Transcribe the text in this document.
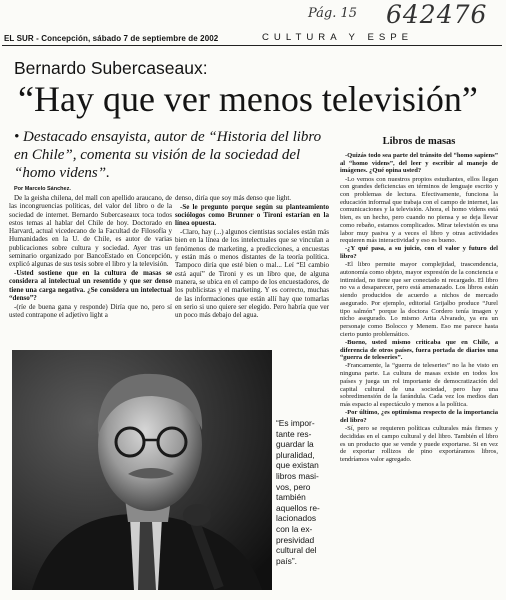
Pág. 15 642476
EL SUR - Concepción, sábado 7 de septiembre de 2002	CULTURA Y ESPE
Bernardo Subercaseaux:
“Hay que ver menos televisión”
• Destacado ensayista, autor de “Historia del libro en Chile”, comenta su visión de la sociedad del “homo videns”.
Por Marcelo Sánchez.

De la geisha chilena, del mall con apellido araucano, de las incongruencias políticas, del valor del libro o de la sociedad de internet. Bernardo Subercaseaux toca todos estos temas al hablar del Chile de hoy. Doctorado en Harvard, actual vicedecano de la Facultad de Filosofía y Humanidades en la U. de Chile, es autor de varias publicaciones sobre cultura y sociedad. Ayer tras un seminario organizado por BancoEstado en Concepción, explicó algunas de sus tesis sobre el libro y la televisión.

-Usted sostiene que en la cultura de masas se considera al intelectual un resentido y que ser denso tiene una carga negativa. ¿Se considera un intelectual “denso”?

-(ríe de buena gana y responde) Diría que no, pero sí usted contrapone el adjetivo light a

denso, diría que soy más denso que light.

-Se le pregunto porque según su planteamiento sociólogos como Brunner o Tironi estarían en la línea opuesta.

-Claro, hay (...) algunos cientistas sociales están más bien en la línea de los intelectuales que se vinculan a fenómenos de marketing, a predicciones, a encuestas y están más o menos distantes de la teoría política. Tampoco diría que esté bien o mal... Leí “El cambio está aquí” de Tironi y es un libro que, de alguna manera, se ubica en el campo de los encuestadores, de los publicistas y el marketing. Y es correcto, muchas de las informaciones que están allí hay que tomarlas en serio si uno quiere ser elegido. Pero habría que ver un poco más debajo del agua.

Libros de masas

-Quizás todo sea parte del tránsito del “homo sapiens” al “homo videns”, del leer y escribir al manejo de imágenes. ¿Qué opina usted?

-Lo vemos con nuestros propios estudiantes, ellos llegan con grandes deficiencias en términos de lenguaje escrito y con problemas de lectura. Efectivamente, funciona la educación informal que trabaja con el campo de internet, las comunicaciones y la televisión. Ahora, el homo videns está bien, es un hecho, pero cuando no piensa y se deja llevar como rebaño, estamos complicados. Mirar televisión es una labor muy pasiva y a veces el libro y otras actividades requieren más interactividad y eso es bueno.

-¿Y qué pasa, a su juicio, con el valor y futuro del libro?

-El libro permite mayor complejidad, trascendencia, autonomía como objeto, mayor expresión de la conciencia e intimidad, no tiene que ser conectado ni recargado. El libro no va a desaparecer, pero está amenazado. Los libros están siendo producidos de acuerdo a nichos de mercado asegurado. Por ejemplo, editorial Grijalbo produce “Jurel tipo salmón” porque la doctora Cordero tenía imagen y nicho asegurado. Lo mismo Arita Alvarado, ya era un personaje como Bolocco y Menem. Eso me parece hasta cierto punto problemático.

-Bueno, usted mismo criticaba que en Chile, a diferencia de otros países, fuera portada de diarios una “guerra de teleseries”.

-Francamente, la “guerra de teleseries” no la he visto en ninguna parte. La cultura de masas existe en todos los países y juega un rol importante de democratización del capital cultural de una sociedad, pero hay una sobredimensión de la farándula. Cada vez los medios dan más espacio al espectáculo y menos a la política.

-Por último, ¿es optimisma respecto de la importancia del libro?

-Sí, pero se requieren políticas culturales más firmes y decididas en el campo cultural y del libro. También el libro es un producto que se vende y puede exportarse. Si en vez de exportar rollizos de pino exportáramos libros, tendríamos valor agregado.

“Es impor-
tante res-
guardar la
pluralidad,
que existan
libros masi-
vos, pero
también
aquellos re-
lacionados
con la ex-
presividad
cultural del
país”.
